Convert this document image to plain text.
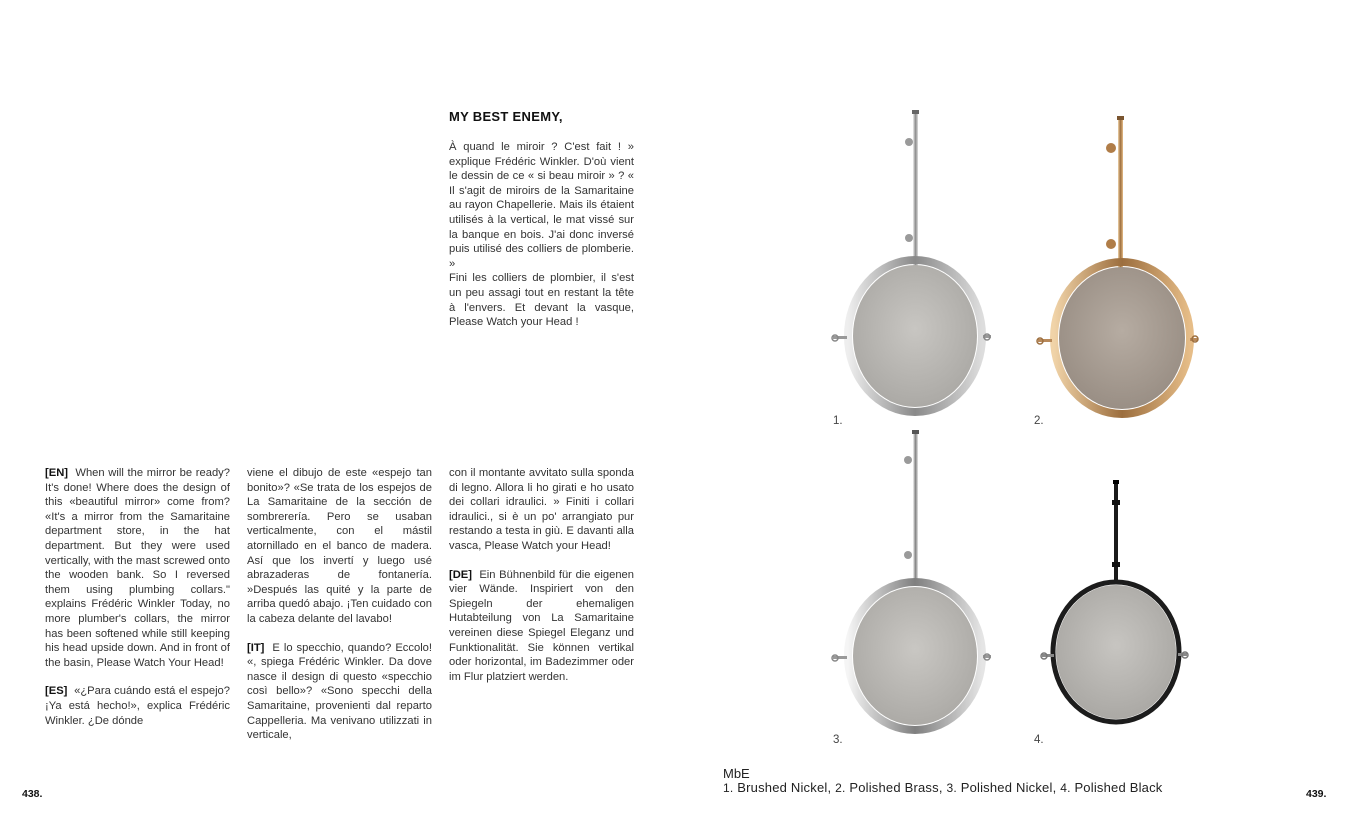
MY BEST ENEMY,
À quand le miroir ? C'est fait ! » explique Frédéric Winkler. D'où vient le dessin de ce « si beau miroir » ? « Il s'agit de miroirs de la Samaritaine au rayon Chapellerie. Mais ils étaient utilisés à la vertical, le mat vissé sur la banque en bois. J'ai donc inversé puis utilisé des colliers de plomberie. »
Fini les colliers de plombier, il s'est un peu assagi tout en restant la tête à l'envers. Et devant la vasque, Please Watch your Head !

[EN] When will the mirror be ready? It's done! Where does the design of this «beautiful mirror» come from? «It's a mirror from the Samaritaine department store, in the hat department. But they were used vertically, with the mast screwed onto the wooden bank. So I reversed them using plumbing collars." explains Frédéric Winkler Today, no more plumber's collars, the mirror has been softened while still keeping his head upside down. And in front of the basin, Please Watch Your Head!

[ES] «¿Para cuándo está el espejo? ¡Ya está hecho!», explica Frédéric Winkler. ¿De dónde

viene el dibujo de este «espejo tan bonito»? «Se trata de los espejos de La Samaritaine de la sección de sombrerería. Pero se usaban verticalmente, con el mástil atornillado en el banco de madera. Así que los invertí y luego usé abrazaderas de fontanería. »Después las quité y la parte de arriba quedó abajo. ¡Ten cuidado con la cabeza delante del lavabo!

[IT] E lo specchio, quando? Eccolo! «, spiega Frédéric Winkler. Da dove nasce il design di questo «specchio così bello»? «Sono specchi della Samaritaine, provenienti dal reparto Cappelleria. Ma venivano utilizzati in verticale,

con il montante avvitato sulla sponda di legno. Allora li ho girati e ho usato dei collari idraulici. » Finiti i collari idraulici., si è un po' arrangiato pur restando a testa in giù. E davanti alla vasca, Please Watch your Head!

[DE] Ein Bühnenbild für die eigenen vier Wände. Inspiriert von den Spiegeln der ehemaligen Hutabteilung von La Samaritaine vereinen diese Spiegel Eleganz und Funktionalität. Sie können vertikal oder horizontal, im Badezimmer oder im Flur platziert werden.

1.	2.
3.	4.
MbE
1. Brushed Nickel, 2. Polished Brass, 3. Polished Nickel, 4. Polished Black
438.	439.
